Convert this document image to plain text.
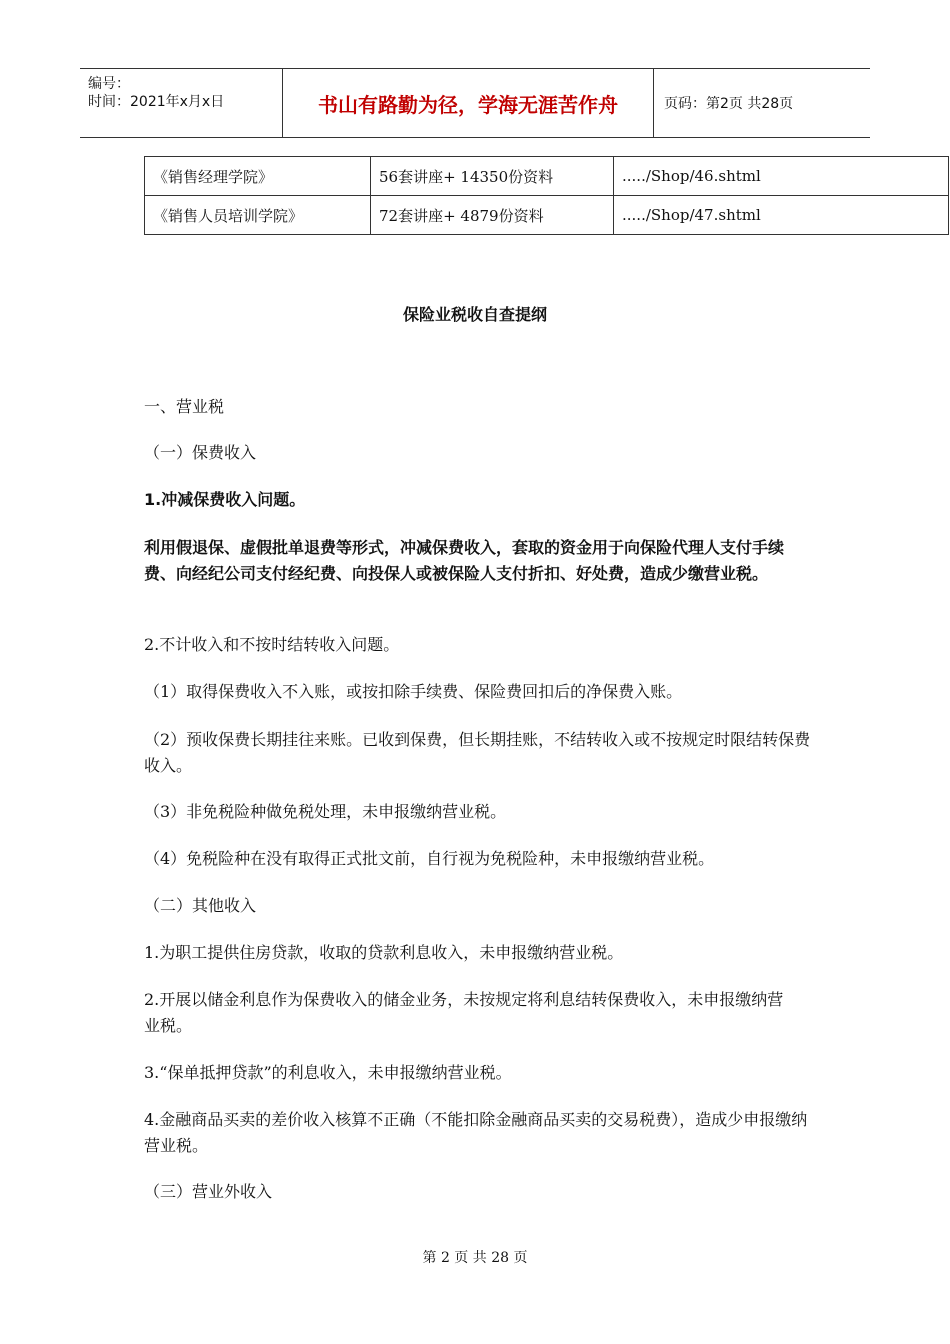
编号：
时间：2021年x月x日	书山有路勤为径，学海无涯苦作舟	页码：第2页 共28页
《销售经理学院》	56套讲座+ 14350份资料	...../Shop/46.shtml
《销售人员培训学院》	72套讲座+ 4879份资料	...../Shop/47.shtml
保险业税收自查提纲
一、营业税
（一）保费收入
1.冲减保费收入问题。
利用假退保、虚假批单退费等形式，冲减保费收入，套取的资金用于向保险代理人支付手续费、向经纪公司支付经纪费、向投保人或被保险人支付折扣、好处费，造成少缴营业税。
2.不计收入和不按时结转收入问题。
（1）取得保费收入不入账，或按扣除手续费、保险费回扣后的净保费入账。
（2）预收保费长期挂往来账。已收到保费，但长期挂账，不结转收入或不按规定时限结转保费收入。
（3）非免税险种做免税处理，未申报缴纳营业税。
（4）免税险种在没有取得正式批文前，自行视为免税险种，未申报缴纳营业税。
（二）其他收入
1.为职工提供住房贷款，收取的贷款利息收入，未申报缴纳营业税。
2.开展以储金利息作为保费收入的储金业务，未按规定将利息结转保费收入，未申报缴纳营业税。
3.“保单抵押贷款”的利息收入，未申报缴纳营业税。
4.金融商品买卖的差价收入核算不正确（不能扣除金融商品买卖的交易税费），造成少申报缴纳营业税。
（三）营业外收入
第 2 页 共 28 页
